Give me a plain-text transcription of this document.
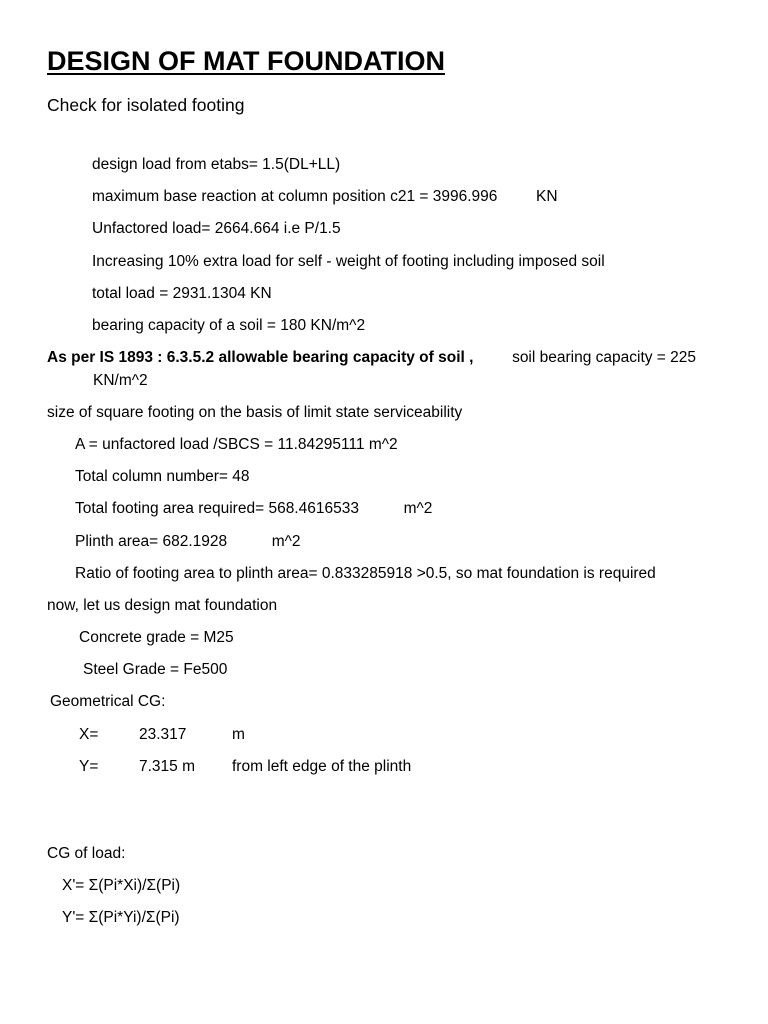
DESIGN OF MAT FOUNDATION
Check for isolated footing
design load from etabs= 1.5(DL+LL)
maximum base reaction at column position c21 = 3996.996 KN
Unfactored load= 2664.664 i.e P/1.5
Increasing 10% extra load for self - weight of footing including imposed soil
total load = 2931.1304 KN
bearing capacity of a soil = 180 KN/m^2
As per IS 1893 : 6.3.5.2 allowable bearing capacity of soil , soil bearing capacity = 225
KN/m^2
size of square footing on the basis of limit state serviceability
A = unfactored load /SBCS = 11.84295111 m^2
Total column number= 48
Total footing area required= 568.4616533	m^2
Plinth area= 682.1928	m^2
Ratio of footing area to plinth area= 0.833285918 >0.5, so mat foundation is required
now, let us design mat foundation
Concrete grade = M25
Steel Grade = Fe500
Geometrical CG:
X=	23.317	m
Y=	7.315 m from left edge of the plinth
CG of load:
X'= Σ(Pi*Xi)/Σ(Pi)
Y'= Σ(Pi*Yi)/Σ(Pi)
